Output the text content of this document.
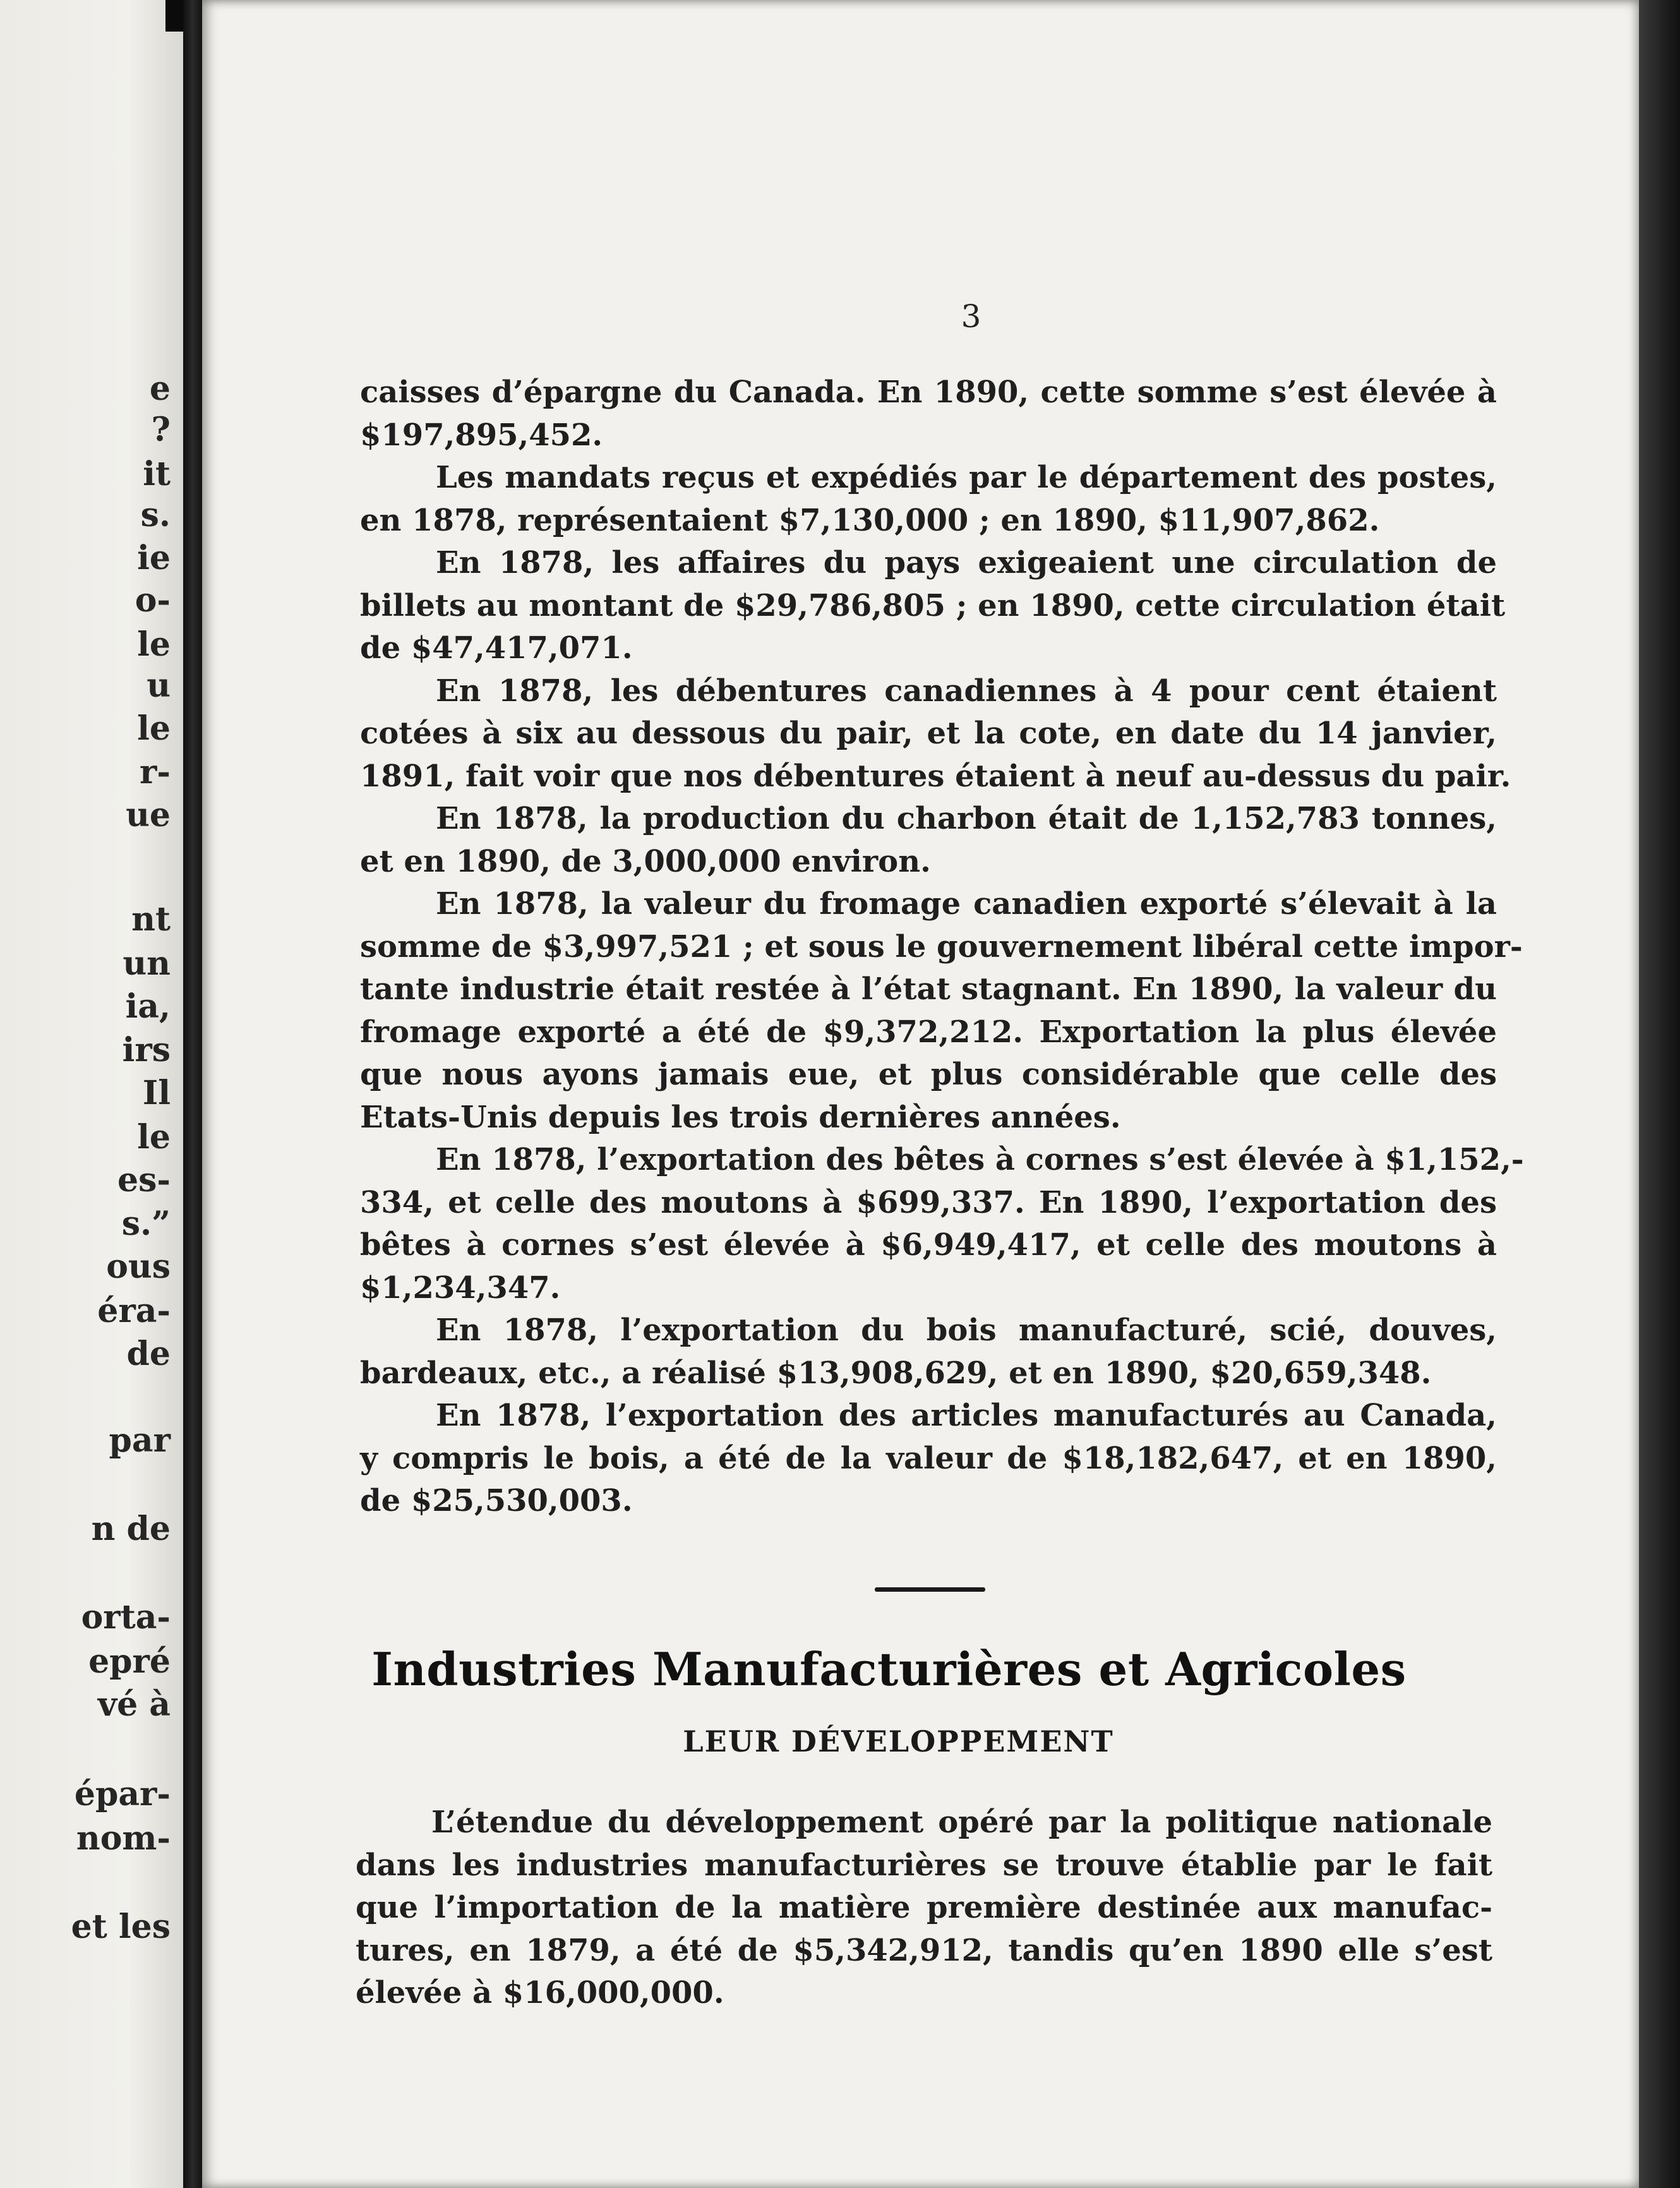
e
?
it
s.
ie
o-
le
u
le
r-
ue
nt
un
ia,
irs
Il
le
es-
s.”
ous
éra-
de
par
n de
orta-
epré
vé à
épar-
nom-
et les
3

caisses d’épargne du Canada. En 1890, cette somme s’est élevée à
$197,895,452.

Les mandats reçus et expédiés par le département des postes,
en 1878, représentaient $7,130,000 ; en 1890, $11,907,862.

En 1878, les affaires du pays exigeaient une circulation de
billets au montant de $29,786,805 ; en 1890, cette circulation était
de $47,417,071.

En 1878, les débentures canadiennes à 4 pour cent étaient
cotées à six au dessous du pair, et la cote, en date du 14 janvier,
1891, fait voir que nos débentures étaient à neuf au-dessus du pair.

En 1878, la production du charbon était de 1,152,783 tonnes,
et en 1890, de 3,000,000 environ.

En 1878, la valeur du fromage canadien exporté s’élevait à la
somme de $3,997,521 ; et sous le gouvernement libéral cette impor-
tante industrie était restée à l’état stagnant. En 1890, la valeur du
fromage exporté a été de $9,372,212. Exportation la plus élevée
que nous ayons jamais eue, et plus considérable que celle des
Etats-Unis depuis les trois dernières années.

En 1878, l’exportation des bêtes à cornes s’est élevée à $1,152,-
334, et celle des moutons à $699,337. En 1890, l’exportation des
bêtes à cornes s’est élevée à $6,949,417, et celle des moutons à
$1,234,347.

En 1878, l’exportation du bois manufacturé, scié, douves,
bardeaux, etc., a réalisé $13,908,629, et en 1890, $20,659,348.

En 1878, l’exportation des articles manufacturés au Canada,
y compris le bois, a été de la valeur de $18,182,647, et en 1890,
de $25,530,003.

Industries Manufacturières et Agricoles
LEUR DÉVELOPPEMENT

L’étendue du développement opéré par la politique nationale
dans les industries manufacturières se trouve établie par le fait
que l’importation de la matière première destinée aux manufac-
tures, en 1879, a été de $5,342,912, tandis qu’en 1890 elle s’est
élevée à $16,000,000.
